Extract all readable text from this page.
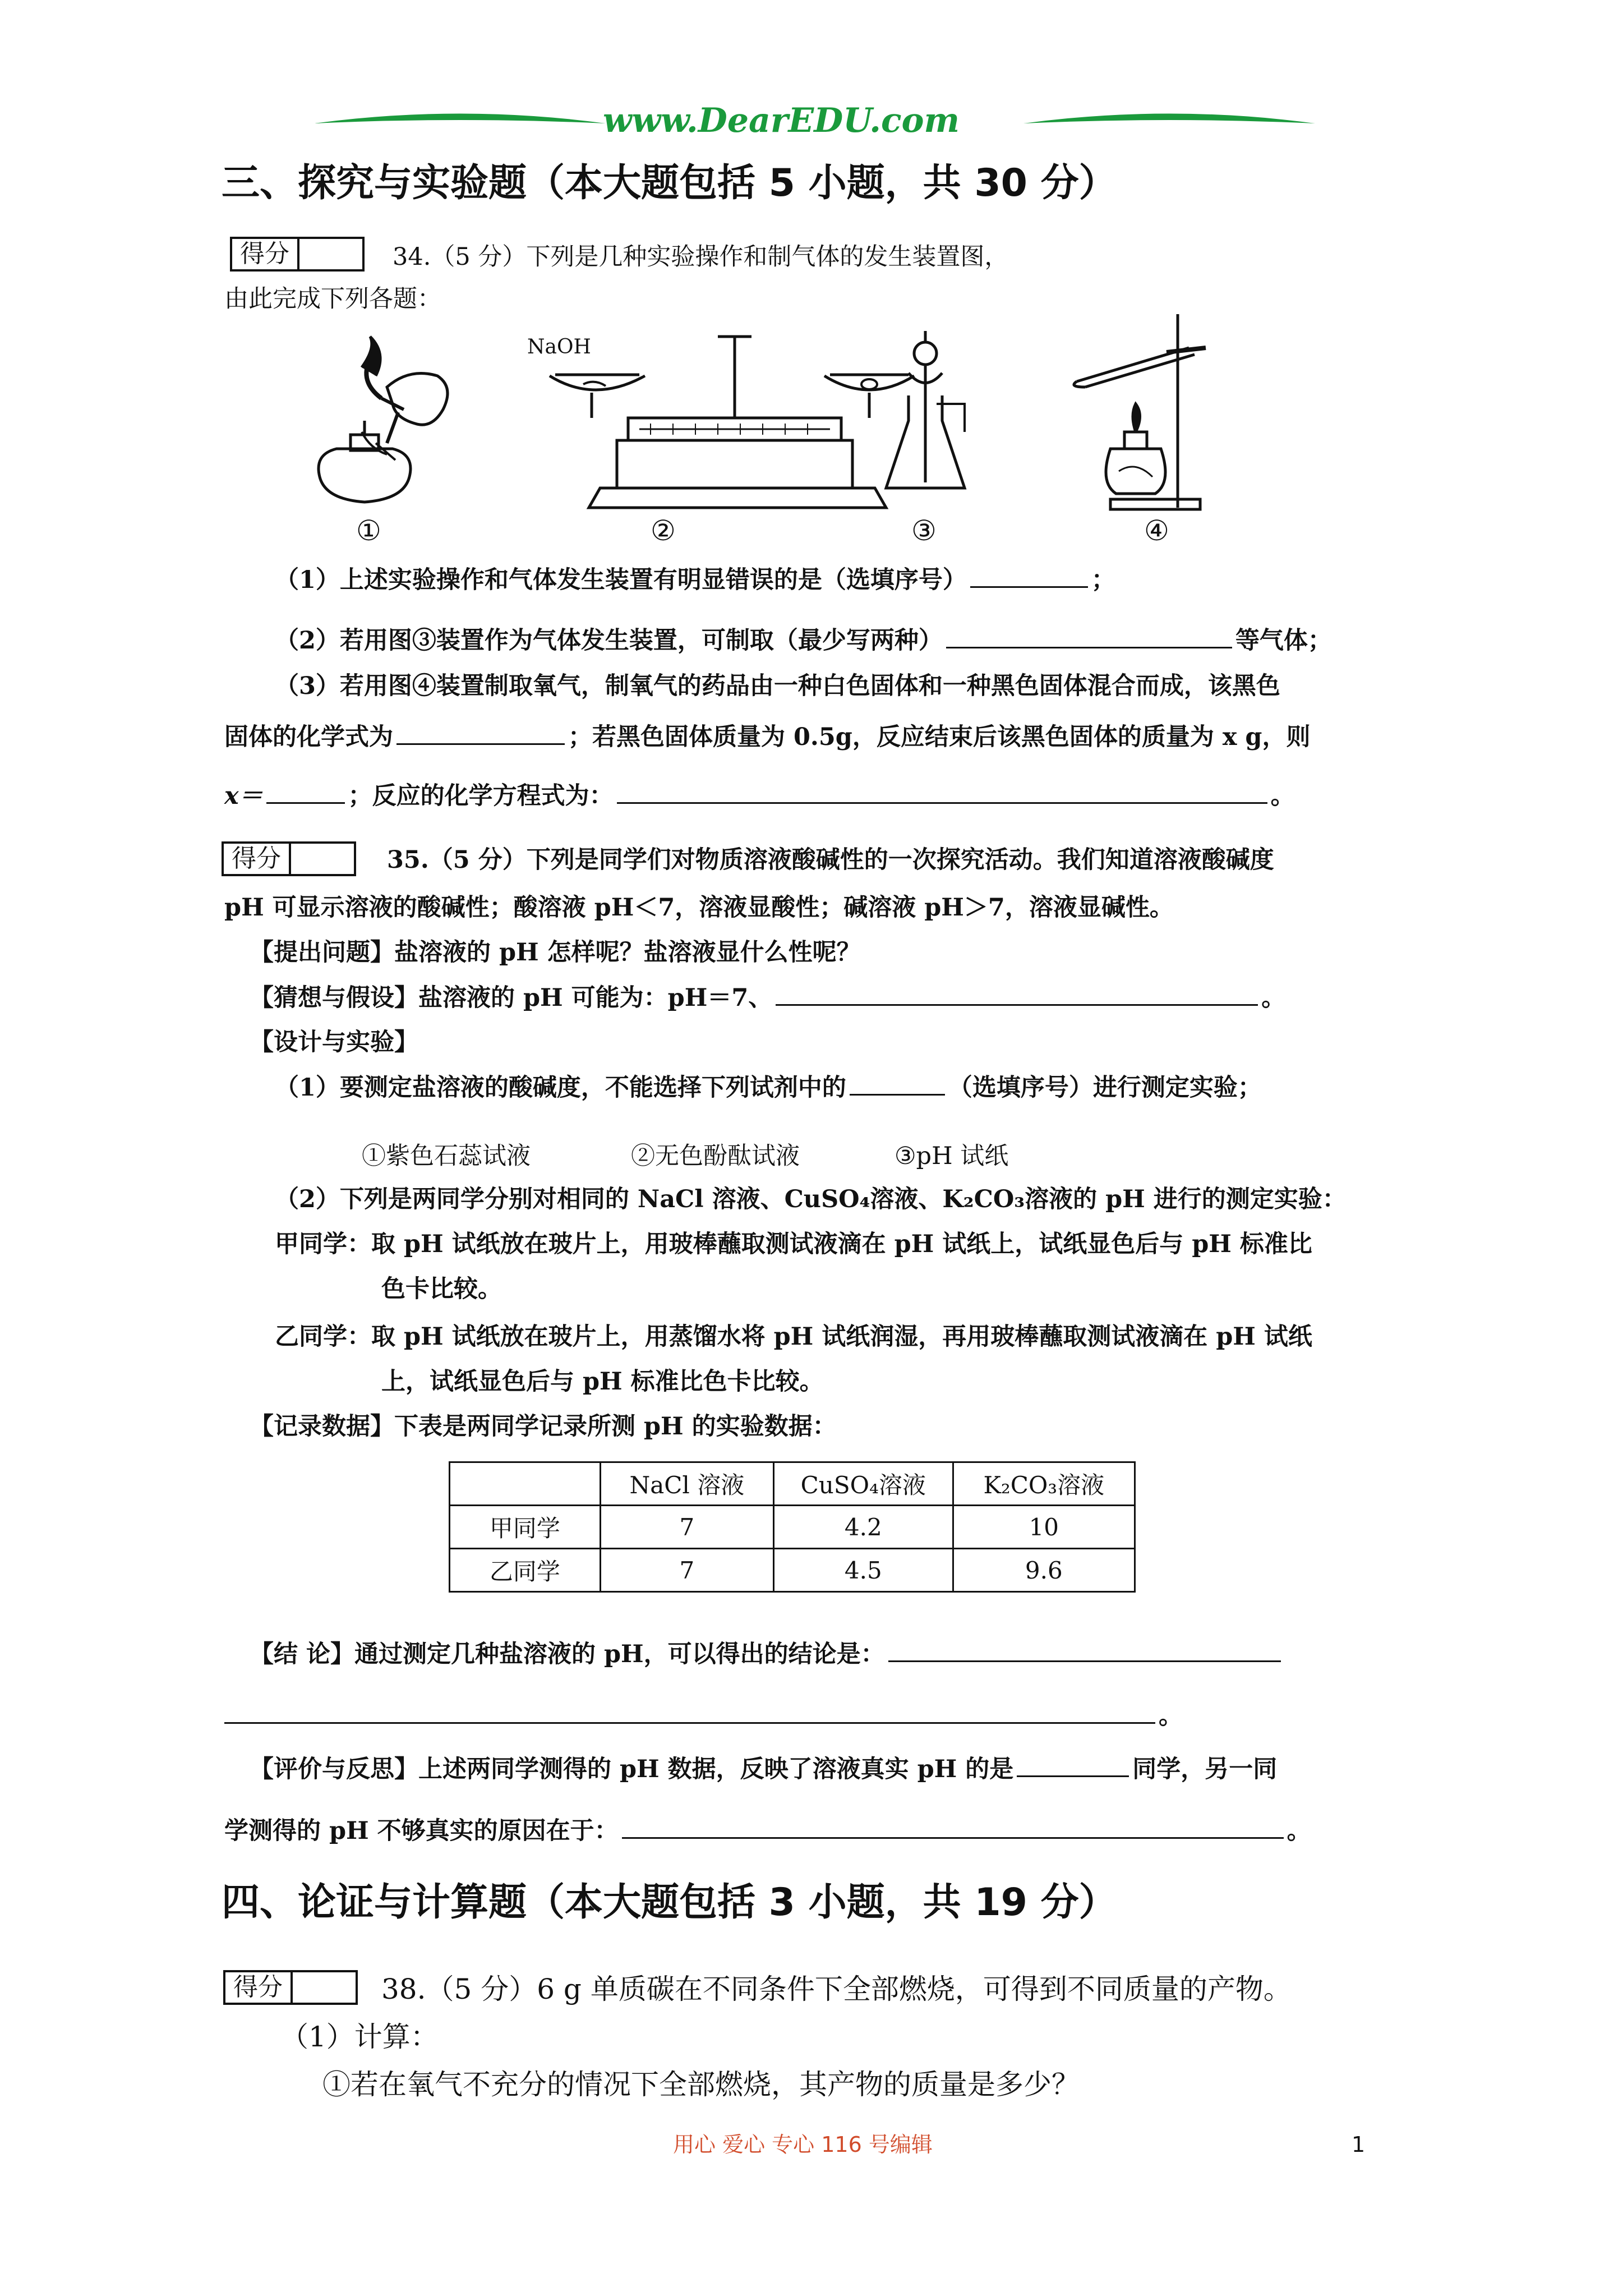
www.DearEDU.com
三、探究与实验题（本大题包括 5 小题，共 30 分）
得分	34.（5 分）下列是几种实验操作和制气体的发生装置图，
由此完成下列各题：
NaOH
①	②	③	④
（1）上述实验操作和气体发生装置有明显错误的是（选填序号）	；
（2）若用图③装置作为气体发生装置，可制取（最少写两种）	等气体；
（3）若用图④装置制取氧气，制氧气的药品由一种白色固体和一种黑色固体混合而成，该黑色
固体的化学式为	；若黑色固体质量为 0.5g，反应结束后该黑色固体的质量为 x g，则
x＝	；反应的化学方程式为：	。
得分	35.（5 分）下列是同学们对物质溶液酸碱性的一次探究活动。我们知道溶液酸碱度
pH 可显示溶液的酸碱性；酸溶液 pH＜7，溶液显酸性；碱溶液 pH＞7，溶液显碱性。
【提出问题】盐溶液的 pH 怎样呢？盐溶液显什么性呢？
【猜想与假设】盐溶液的 pH 可能为：pH＝7、	。
【设计与实验】
（1）要测定盐溶液的酸碱度，不能选择下列试剂中的	（选填序号）进行测定实验；
①紫色石蕊试液	②无色酚酞试液	③pH 试纸
（2）下列是两同学分别对相同的 NaCl 溶液、CuSO₄溶液、K₂CO₃溶液的 pH 进行的测定实验：
甲同学：取 pH 试纸放在玻片上，用玻棒蘸取测试液滴在 pH 试纸上，试纸显色后与 pH 标准比
色卡比较。
乙同学：取 pH 试纸放在玻片上，用蒸馏水将 pH 试纸润湿，再用玻棒蘸取测试液滴在 pH 试纸
上，试纸显色后与 pH 标准比色卡比较。
【记录数据】下表是两同学记录所测 pH 的实验数据：
	NaCl 溶液	CuSO₄溶液	K₂CO₃溶液
甲同学	7	4.2	10
乙同学	7	4.5	9.6
【结 论】通过测定几种盐溶液的 pH，可以得出的结论是：
。
【评价与反思】上述两同学测得的 pH 数据，反映了溶液真实 pH 的是	同学，另一同
学测得的 pH 不够真实的原因在于：	。
四、论证与计算题（本大题包括 3 小题，共 19 分）
得分	38.（5 分）6 g 单质碳在不同条件下全部燃烧，可得到不同质量的产物。
（1）计算：
①若在氧气不充分的情况下全部燃烧，其产物的质量是多少？
用心 爱心 专心 116 号编辑	1
